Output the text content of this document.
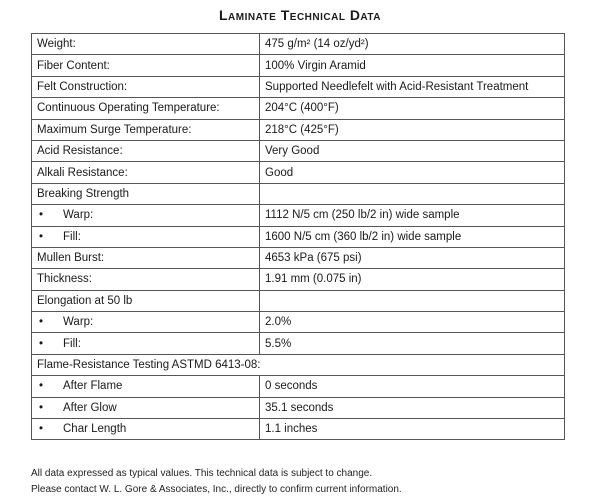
Laminate Technical Data
Weight:	475 g/m² (14 oz/yd²)
Fiber Content:	100% Virgin Aramid
Felt Construction:	Supported Needlefelt with Acid-Resistant Treatment
Continuous Operating Temperature:	204°C (400°F)
Maximum Surge Temperature:	218°C (425°F)
Acid Resistance:	Very Good
Alkali Resistance:	Good
Breaking Strength	
• Warp:	1112 N/5 cm (250 lb/2 in) wide sample
• Fill:	1600 N/5 cm (360 lb/2 in) wide sample
Mullen Burst:	4653 kPa (675 psi)
Thickness:	1.91 mm (0.075 in)
Elongation at 50 lb	
• Warp:	2.0%
• Fill:	5.5%
Flame-Resistance Testing ASTMD 6413-08:	
• After Flame	0 seconds
• After Glow	35.1 seconds
• Char Length	1.1 inches
All data expressed as typical values. This technical data is subject to change.
Please contact W. L. Gore & Associates, Inc., directly to confirm current information.
